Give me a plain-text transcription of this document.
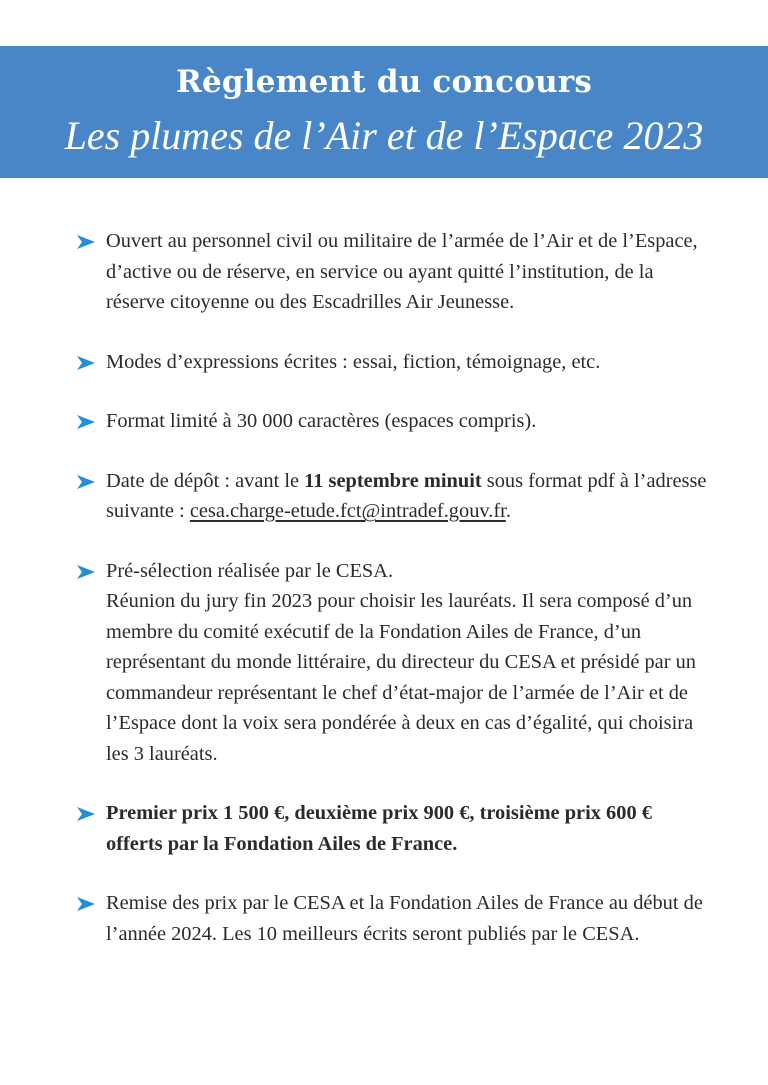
Règlement du concours
Les plumes de l’Air et de l’Espace 2023

Ouvert au personnel civil ou militaire de l’armée de l’Air et de l’Espace, d’active ou de réserve, en service ou ayant quitté l’institution, de la réserve citoyenne ou des Escadrilles Air Jeunesse.

Modes d’expressions écrites : essai, fiction, témoignage, etc.

Format limité à 30 000 caractères (espaces compris).

Date de dépôt : avant le 11 septembre minuit sous format pdf à l’adresse suivante : cesa.charge-etude.fct@intradef.gouv.fr.

Pré-sélection réalisée par le CESA.

Réunion du jury fin 2023 pour choisir les lauréats. Il sera composé d’un membre du comité exécutif de la Fondation Ailes de France, d’un représentant du monde littéraire, du directeur du CESA et présidé par un commandeur représentant le chef d’état-major de l’armée de l’Air et de l’Espace dont la voix sera pondérée à deux en cas d’égalité, qui choisira les 3 lauréats.

Premier prix 1 500 €, deuxième prix 900 €, troisième prix 600 € offerts par la Fondation Ailes de France.

Remise des prix par le CESA et la Fondation Ailes de France au début de l’année 2024. Les 10 meilleurs écrits seront publiés par le CESA.
